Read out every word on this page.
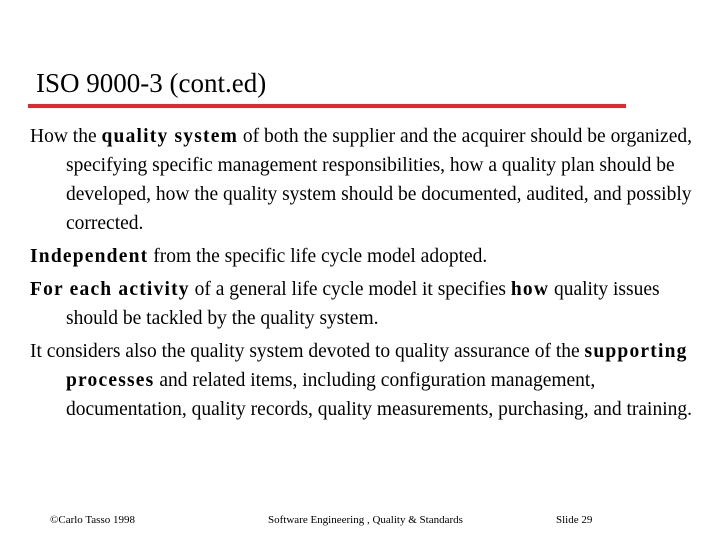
ISO 9000-3 (cont.ed)

How the quality system of both the supplier and the acquirer should be organized, specifying specific management responsibilities, how a quality plan should be developed, how the quality system should be documented, audited, and possibly corrected.

Independent from the specific life cycle model adopted.

For each activity of a general life cycle model it specifies how quality issues should be tackled by the quality system.

It considers also the quality system devoted to quality assurance of the supporting processes and related items, including configuration management, documentation, quality records, quality measurements, purchasing, and training.

©Carlo Tasso 1998	Software Engineering , Quality & Standards	Slide 29
